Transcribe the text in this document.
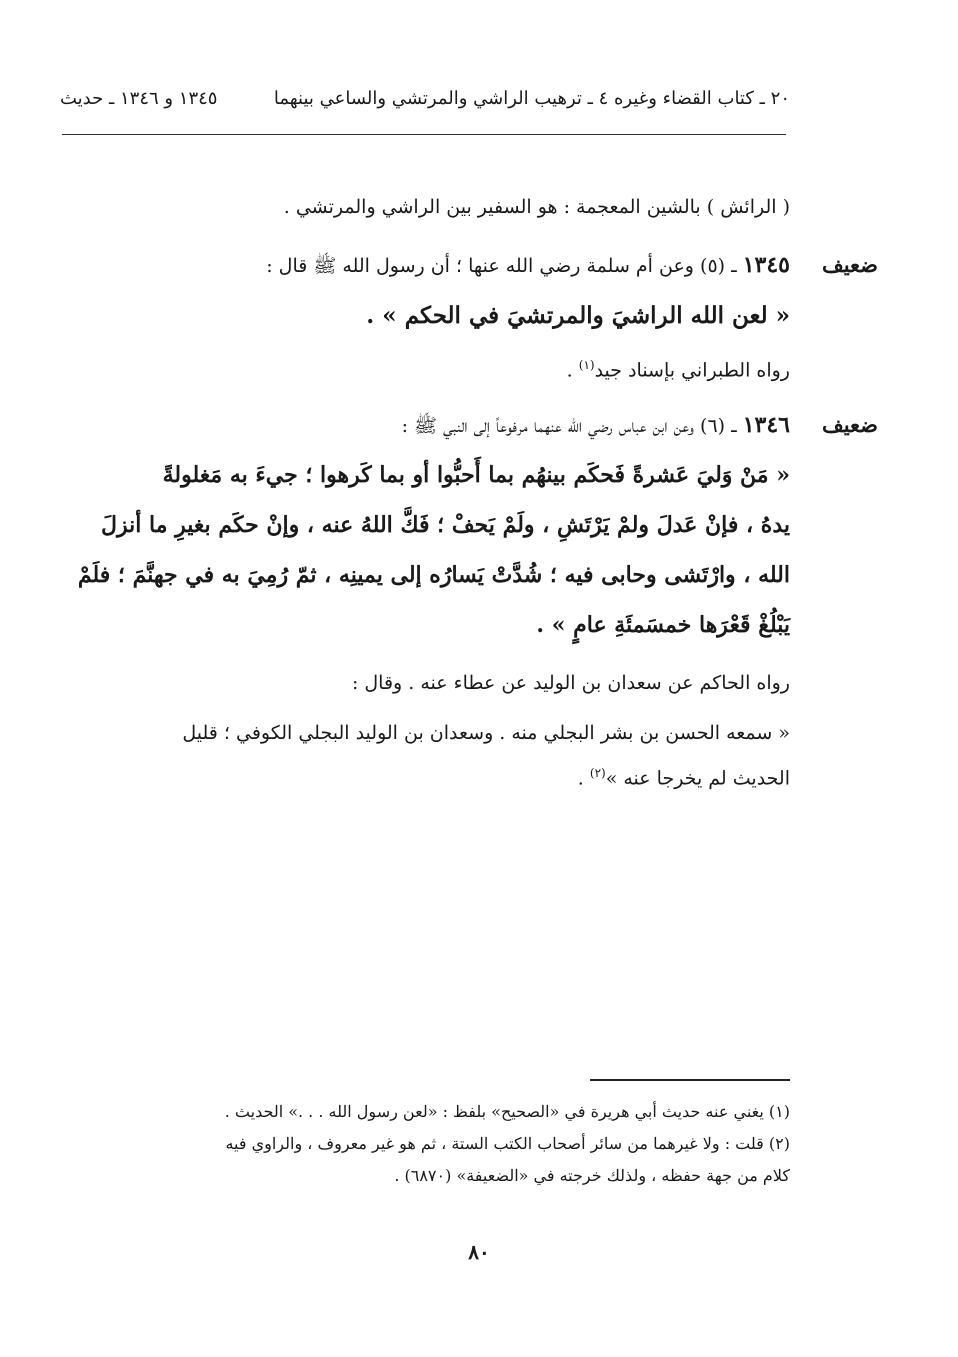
٢٠ ـ كتاب القضاء وغيره ٤ ـ ترهيب الراشي والمرتشي والساعي بينهما
١٣٤٥ و ١٣٤٦ ـ حديث
( الرائش ) بالشين المعجمة : هو السفير بين الراشي والمرتشي .
ضعيف
١٣٤٥ ـ (٥) وعن أم سلمة رضي الله عنها ؛ أن رسول الله ﷺ قال :
« لعن الله الراشيَ والمرتشيَ في الحكم » .
رواه الطبراني بإسناد جيد$^{(١)}$ .
ضعيف
١٣٤٦ ـ (٦) وعن ابن عباس رضي الله عنهما مرفوعاً إلى النبي ﷺ :
« مَنْ وَليَ عَشرةً فَحكَم بينهُم بما أَحبُّوا أو بما كَرهوا ؛ جيءَ به مَغلولةً
يدهُ ، فإنْ عَدلَ ولمْ يَرْتَشِ ، ولَمْ يَحفْ ؛ فَكَّ اللهُ عنه ، وإنْ حكَم بغيرِ ما أنزلَ
الله ، وارْتَشى وحابى فيه ؛ شُدَّتْ يَسارُه إلى يمينِه ، ثمّ رُمِيَ به في جهنَّمَ ؛ فلَمْ
يَبْلُغْ قَعْرَها خمسَمئَةِ عامٍ » .
رواه الحاكم عن سعدان بن الوليد عن عطاء عنه . وقال :
« سمعه الحسن بن بشر البجلي منه . وسعدان بن الوليد البجلي الكوفي ؛ قليل
الحديث لم يخرجا عنه »$^{(٢)}$ .
(١) يغني عنه حديث أبي هريرة في «الصحيح» بلفظ : «لعن رسول الله . . .» الحديث .
(٢) قلت : ولا غيرهما من سائر أصحاب الكتب الستة ، ثم هو غير معروف ، والراوي فيه
كلام من جهة حفظه ، ولذلك خرجته في «الضعيفة» (٦٨٧٠) .
٨٠
